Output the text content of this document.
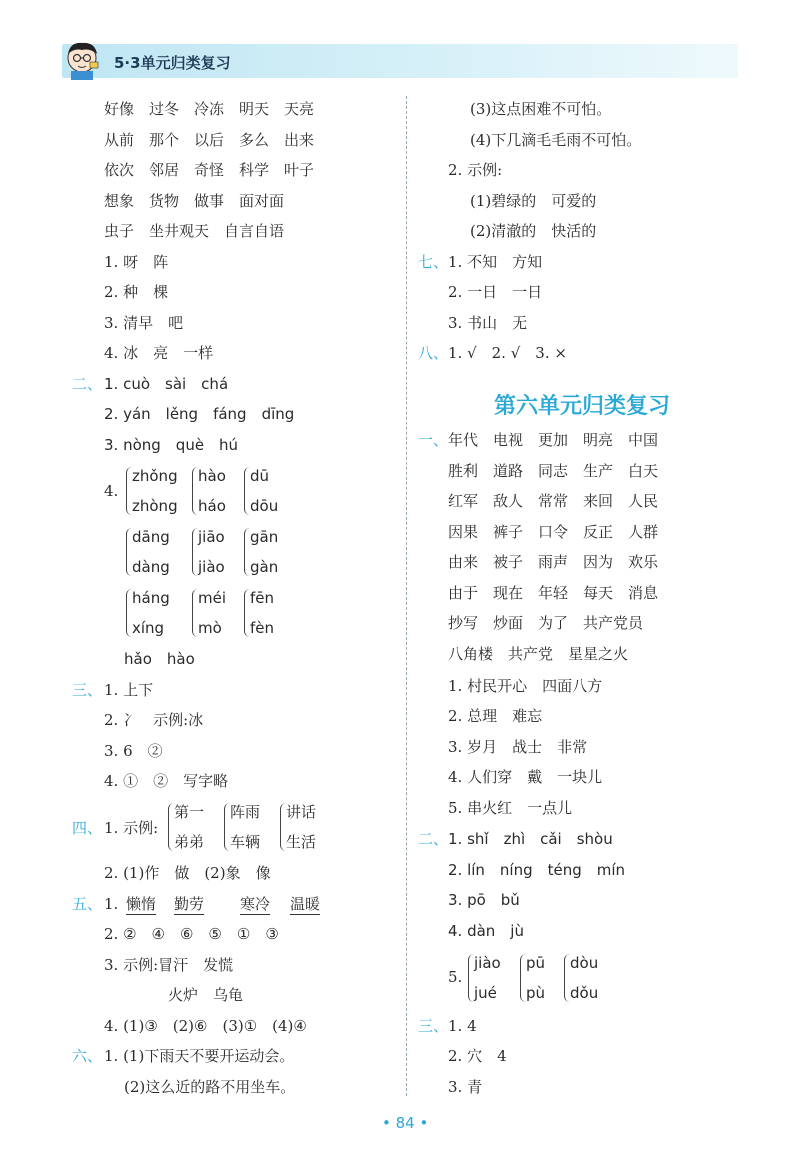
5·3单元归类复习
好像　过冬　冷冻　明天　天亮
从前　那个　以后　多么　出来
依次　邻居　奇怪　科学　叶子
想象　货物　做事　面对面
虫子　坐井观天　自言自语
1. 呀　阵
2. 种　棵
3. 清早　吧
4. 冰　亮　一样
二、 1. cuò　sài　chá
2. yán　lěng　fáng　dīng
3. nòng　què　hú
4.
zhǒng
zhòng
hào
háo
dū
dōu
dāng
dàng
jiāo
jiào
gān
gàn
háng
xíng
méi
mò
fēn
fèn
hǎo　hào
三、 1. 上下
2. 冫　示例:冰
3. 6　②
4. ①　②　写字略
四、 1. 示例:
第一
弟弟
阵雨
车辆
讲话
生活
2. (1)作　做　(2)象　像
五、 1. 懒惰 勤劳 寒冷 温暖
2. ②　④　⑥　⑤　①　③
3. 示例:冒汗　发慌
火炉　乌龟
4. (1)③　(2)⑥　(3)①　(4)④
六、 1. (1)下雨天不要开运动会。
(2)这么近的路不用坐车。
(3)这点困难不可怕。
(4)下几滴毛毛雨不可怕。
2. 示例:
(1)碧绿的　可爱的
(2)清澈的　快活的
七、 1. 不知　方知
2. 一日　一日
3. 书山　无
八、 1. √　2. √　3. ×
第六单元归类复习
一、 年代　电视　更加　明亮　中国
胜利　道路　同志　生产　白天
红军　敌人　常常　来回　人民
因果　裤子　口令　反正　人群
由来　被子　雨声　因为　欢乐
由于　现在　年轻　每天　消息
抄写　炒面　为了　共产党员
八角楼　共产党　星星之火
1. 村民开心　四面八方
2. 总理　难忘
3. 岁月　战士　非常
4. 人们穿　戴　一块儿
5. 串火红　一点儿
二、 1. shǐ　zhì　cǎi　shòu
2. lín　níng　téng　mín
3. pō　bǔ
4. dàn　jù
5.
jiào
jué
pū
pù
dòu
dǒu
三、 1. 4
2. 穴　4
3. 青
• 84 •
